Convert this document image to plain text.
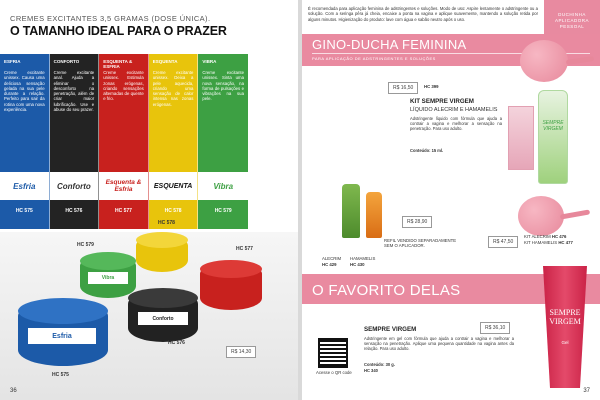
CREMES EXCITANTES 3,5 GRAMAS (DOSE ÚNICA).
O TAMANHO IDEAL PARA O PRAZER
ESFRIA
Creme excitante unissex. Causa uma deliciosa sensação gelada na sua pele durante a relação. Perfeito para sair da rotina com uma nova experiência.
Esfria
HC 575
CONFORTO
Creme excitante anal. Ajuda a eliminar o desconforto na penetração, além de criar maior lubrificação. Use e abuse do seu prazer.
Conforto
HC 576
ESQUENTA & ESFRIA
Creme excitante unissex. Estimula zonas erógenas, criando sensações alternadas de quente e frio.
Esquenta & Esfria
HC 577
ESQUENTA
Creme excitante unissex. Deixa a pele aquecida, criando uma sensação de calor intensa nas zonas erógenas.
ESQUENTA
HC 578
VIBRA
Creme excitante unissex. Sinta uma nova sensação, na forma de pulsações e vibrações na sua pele.
Vibra
HC 579
HC 578
HC 579
HC 577
Vibra
Conforto
Esfria
HC 576
HC 575
R$ 14,30
36
É recomendada para aplicação feminina de adstringentes e soluções. Modo de uso: Aspire lentamente o adstringente ou a solução. Com a seringa pêra já cheia, encaixe a ponta na vagina e aplique suavemente, mantendo a solução retida por alguns minutos. Higienização do produto: lave com água e sabão neutro após o uso.
DUCHINHA APLICADORA PESSOAL
GINO-DUCHA FEMININA
PARA APLICAÇÃO DE ADSTRINGENTES E SOLUÇÕES
R$ 16,50	HC 399
KIT SEMPRE VIRGEM
LÍQUIDO ALECRIM E HAMAMELIS
Adstringente líquido com fórmula que ajuda a contrair a vagina e melhorar a sensação na penetração. Para uso adulto.
Conteúdo: 15 ml.
SEMPRE VIRGEM
R$ 28,90
REFIL VENDIDO SEPARADAMENTE SEM O APLICADOR.
ALECRIM
HC 429
HAMAMELIS
HC 430
R$ 47,50
KIT ALECRIM HC 476
KIT HAMAMELIS HC 477
O FAVORITO DELAS
SEMPRE VIRGEM
Gel
R$ 36,10
Acesse o QR code
SEMPRE VIRGEM
Adstringente em gel com fórmula que ajuda a contrair a vagina e melhorar a sensação na penetração. Aplique uma pequena quantidade na vagina antes da relação. Para uso adulto.
Conteúdo: 30 g.
HC 340
37
